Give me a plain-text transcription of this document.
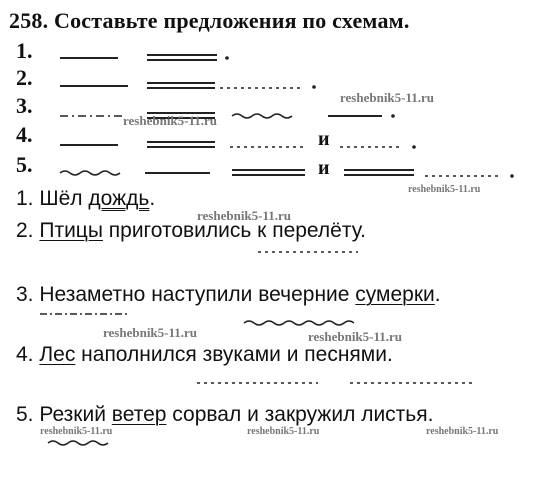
258. Составьте предложения по схемам.
1.
2.
3.
4.
5.
и
и
1. Шёл дождь.
2. Птицы приготовились к перелёту.
3. Незаметно наступили вечерние сумерки.
4. Лес наполнился звуками и песнями.
5. Резкий ветер сорвал и закружил листья.
reshebnik5-11.ru
reshebnik5-11.ru
reshebnik5-11.ru
reshebnik5-11.ru
reshebnik5-11.ru	reshebnik5-11.ru
reshebnik5-11.ru	reshebnik5-11.ru	reshebnik5-11.ru
